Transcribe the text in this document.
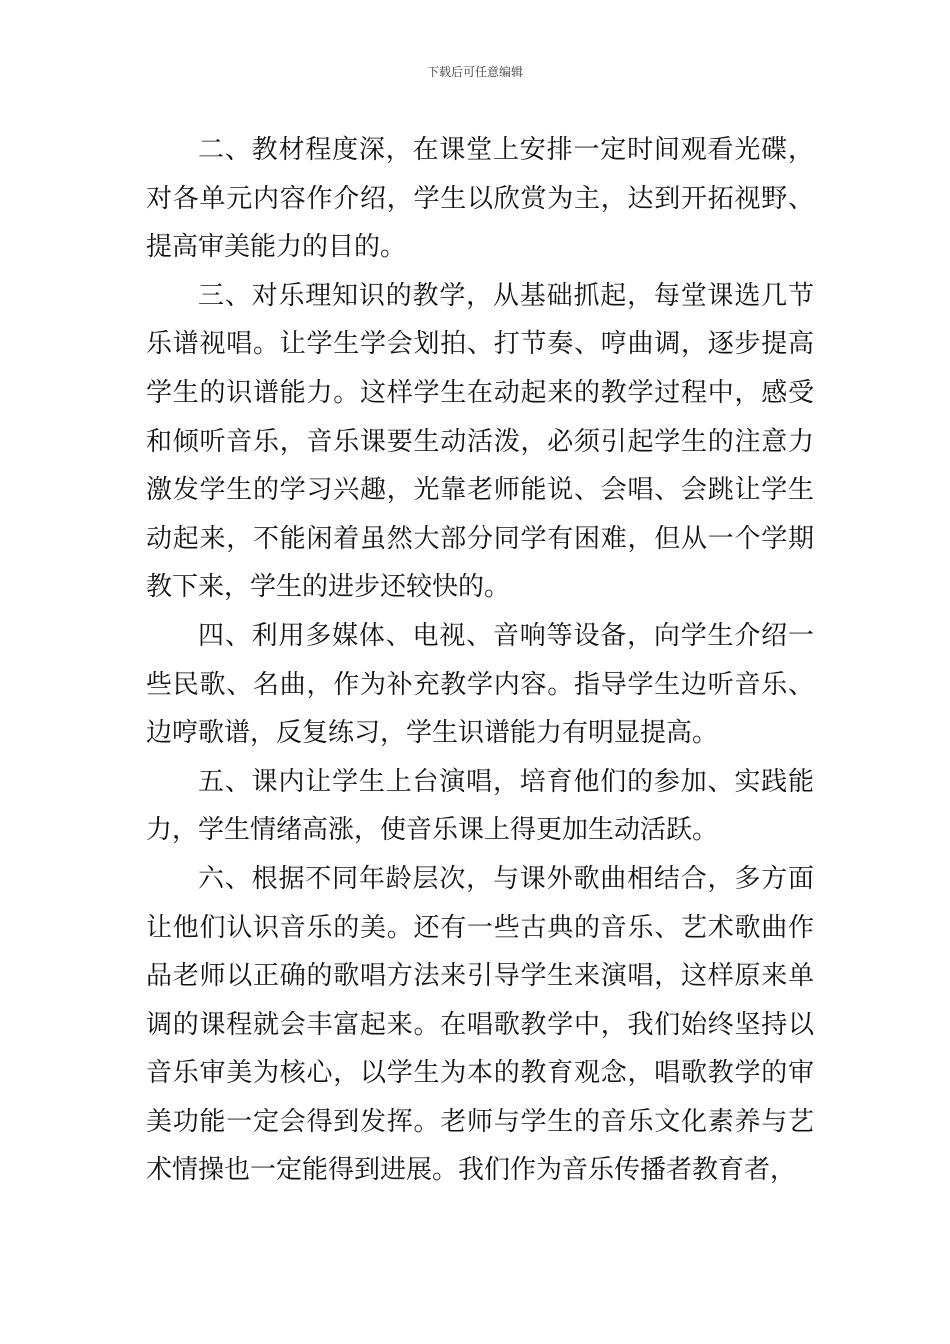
下载后可任意编辑

二、教材程度深，在课堂上安排一定时间观看光碟，对各单元内容作介绍，学生以欣赏为主，达到开拓视野、提高审美能力的目的。

三、对乐理知识的教学，从基础抓起，每堂课选几节乐谱视唱。让学生学会划拍、打节奏、哼曲调，逐步提高学生的识谱能力。这样学生在动起来的教学过程中，感受和倾听音乐，音乐课要生动活泼，必须引起学生的注意力激发学生的学习兴趣，光靠老师能说、会唱、会跳让学生动起来，不能闲着虽然大部分同学有困难，但从一个学期教下来，学生的进步还较快的。

四、利用多媒体、电视、音响等设备，向学生介绍一些民歌、名曲，作为补充教学内容。指导学生边听音乐、边哼歌谱，反复练习，学生识谱能力有明显提高。

五、课内让学生上台演唱，培育他们的参加、实践能力，学生情绪高涨，使音乐课上得更加生动活跃。

六、根据不同年龄层次，与课外歌曲相结合，多方面让他们认识音乐的美。还有一些古典的音乐、艺术歌曲作品老师以正确的歌唱方法来引导学生来演唱，这样原来单调的课程就会丰富起来。在唱歌教学中，我们始终坚持以音乐审美为核心，以学生为本的教育观念，唱歌教学的审美功能一定会得到发挥。老师与学生的音乐文化素养与艺术情操也一定能得到进展。我们作为音乐传播者教育者，
